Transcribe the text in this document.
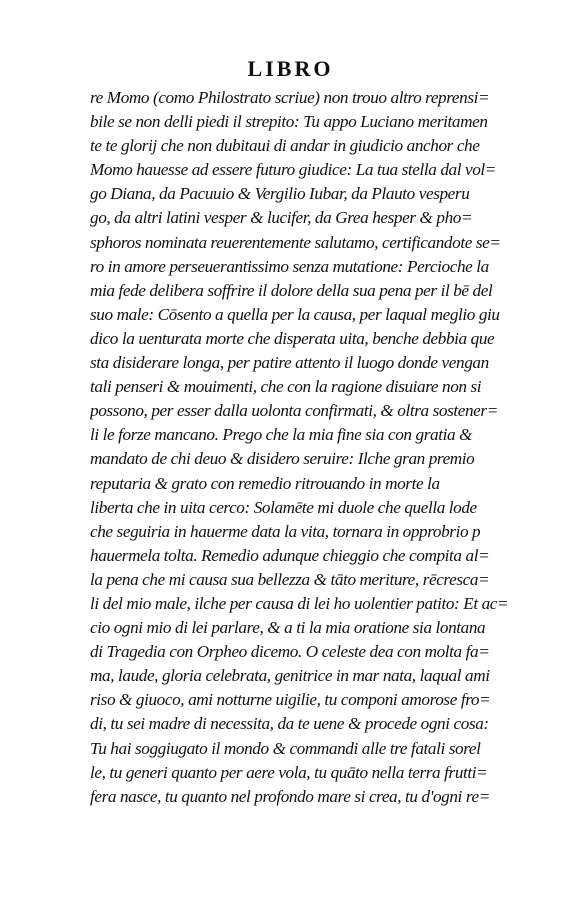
LIBRO
re Momo (como Philostrato scriue) non trouo altro reprensi=
bile se non delli piedi il strepito: Tu appo Luciano meritamen
te te glorij che non dubitaui di andar in giudicio anchor che
Momo hauesse ad essere futuro giudice: La tua stella dal vol=
go Diana, da Pacuuio & Vergilio Iubar, da Plauto vesperu
go, da altri latini vesper & lucifer, da Grea hesper & pho=
sphoros nominata reuerentemente salutamo, certificandote se=
ro in amore perseuerantissimo senza mutatione: Percioche la
mia fede delibera soffrire il dolore della sua pena per il bē del
suo male: Cōsento a quella per la causa, per laqual meglio giu
dico la uenturata morte che disperata uita, benche debbia que
sta disiderare longa, per patire attento il luogo donde vengan
tali penseri & mouimenti, che con la ragione disuiare non si
possono, per esser dalla uolonta confirmati, & oltra sostener=
li le forze mancano. Prego che la mia fine sia con gratia &
mandato de chi deuo & disidero seruire: Ilche gran premio
reputaria & grato con remedio ritrouando in morte la
liberta che in uita cerco: Solamēte mi duole che quella lode
che seguiria in hauerme data la vita, tornara in opprobrio p
hauermela tolta. Remedio adunque chieggio che compita al=
la pena che mi causa sua bellezza & tāto meriture, rēcresca=
li del mio male, ilche per causa di lei ho uolentier patito: Et ac=
cio ogni mio di lei parlare, & a ti la mia oratione sia lontana
di Tragedia con Orpheo dicemo. O celeste dea con molta fa=
ma, laude, gloria celebrata, genitrice in mar nata, laqual ami
riso & giuoco, ami notturne uigilie, tu componi amorose fro=
di, tu sei madre di necessita, da te uene & procede ogni cosa:
Tu hai soggiugato il mondo & commandi alle tre fatali sorel
le, tu generi quanto per aere vola, tu quāto nella terra frutti=
fera nasce, tu quanto nel profondo mare si crea, tu d'ogni re=
